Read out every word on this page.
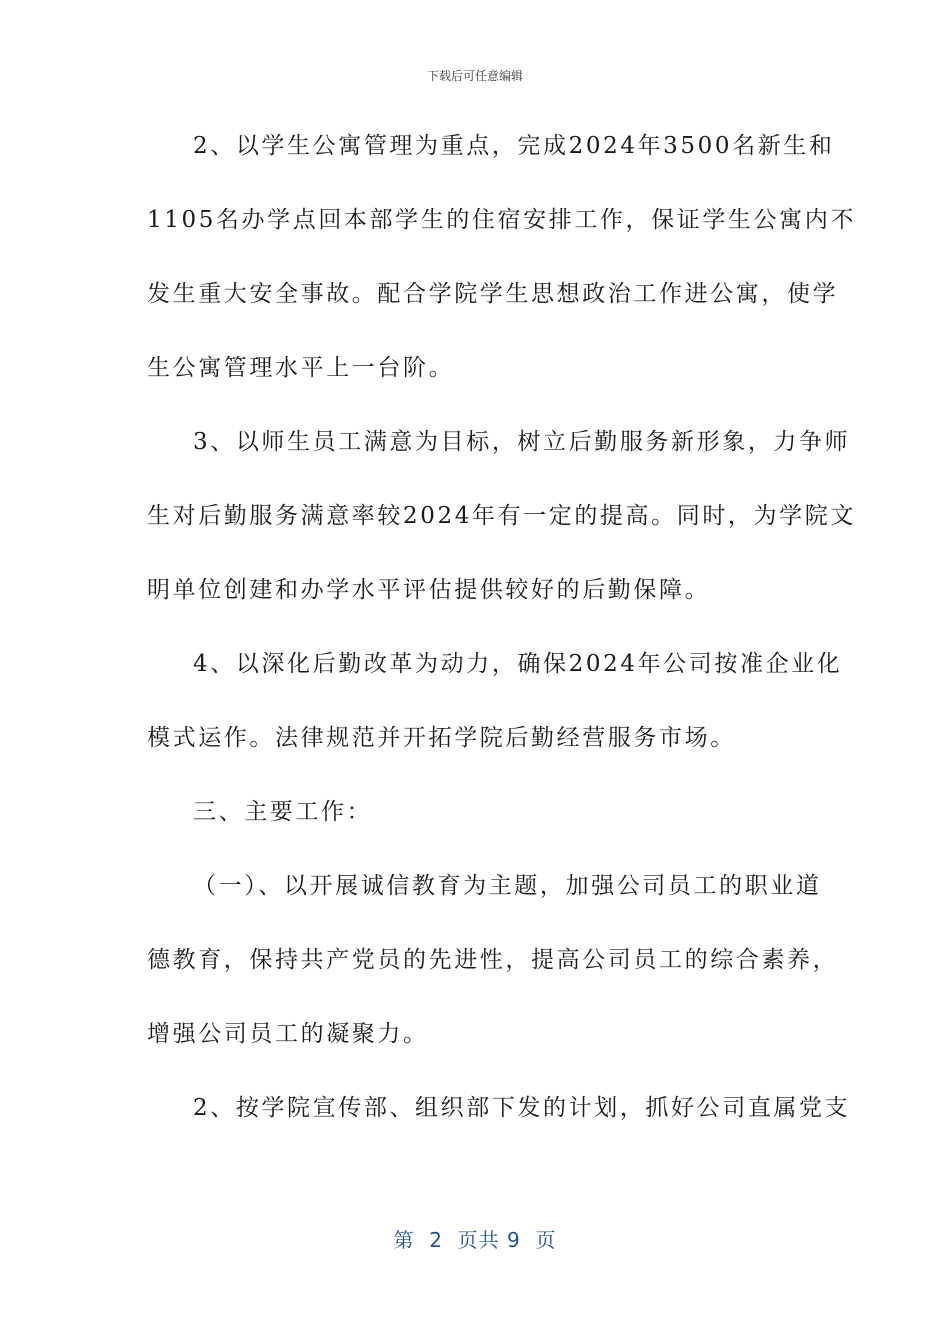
下载后可任意编辑
2、以学生公寓管理为重点，完成2024年3500名新生和
1105名办学点回本部学生的住宿安排工作，保证学生公寓内不
发生重大安全事故。配合学院学生思想政治工作进公寓，使学
生公寓管理水平上一台阶。
3、以师生员工满意为目标，树立后勤服务新形象，力争师
生对后勤服务满意率较2024年有一定的提高。同时，为学院文
明单位创建和办学水平评估提供较好的后勤保障。
4、以深化后勤改革为动力，确保2024年公司按准企业化
模式运作。法律规范并开拓学院后勤经营服务市场。
三、主要工作：
（一）、以开展诚信教育为主题，加强公司员工的职业道
德教育，保持共产党员的先进性，提高公司员工的综合素养，
增强公司员工的凝聚力。
2、按学院宣传部、组织部下发的计划，抓好公司直属党支
第  2  页共 9  页
